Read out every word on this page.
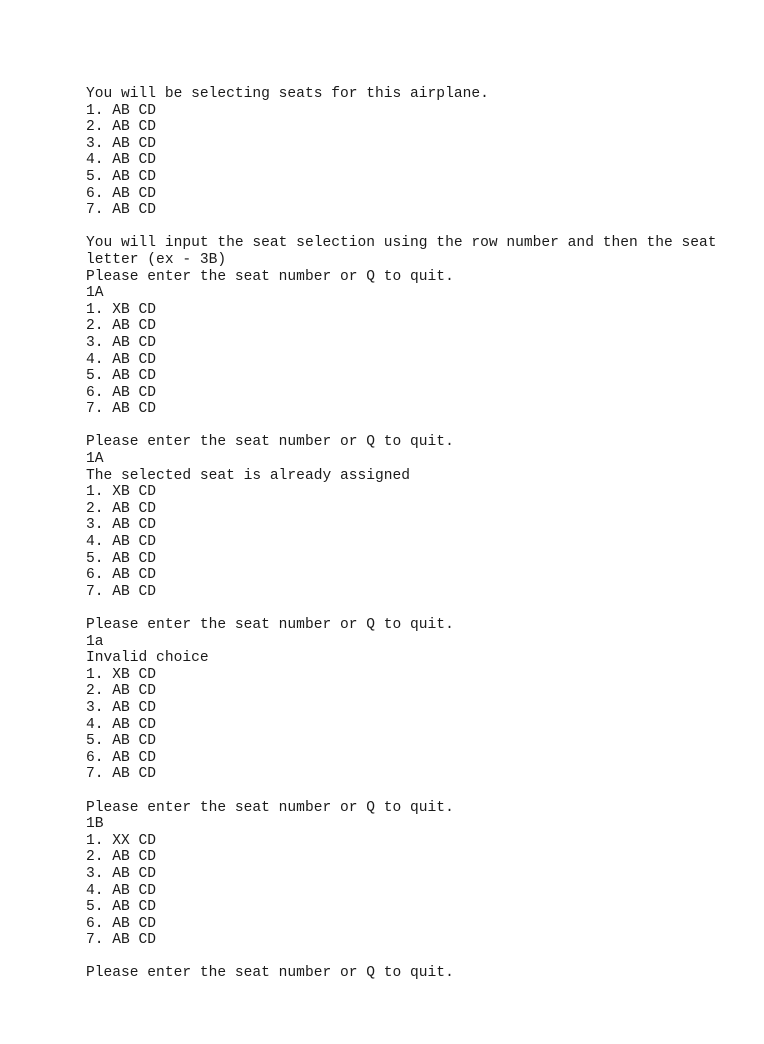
You will be selecting seats for this airplane.
1. AB CD
2. AB CD
3. AB CD
4. AB CD
5. AB CD
6. AB CD
7. AB CD
You will input the seat selection using the row number and then the seat
letter (ex - 3B)
Please enter the seat number or Q to quit.
1A
1. XB CD
2. AB CD
3. AB CD
4. AB CD
5. AB CD
6. AB CD
7. AB CD
Please enter the seat number or Q to quit.
1A
The selected seat is already assigned
1. XB CD
2. AB CD
3. AB CD
4. AB CD
5. AB CD
6. AB CD
7. AB CD
Please enter the seat number or Q to quit.
1a
Invalid choice
1. XB CD
2. AB CD
3. AB CD
4. AB CD
5. AB CD
6. AB CD
7. AB CD
Please enter the seat number or Q to quit.
1B
1. XX CD
2. AB CD
3. AB CD
4. AB CD
5. AB CD
6. AB CD
7. AB CD
Please enter the seat number or Q to quit.
